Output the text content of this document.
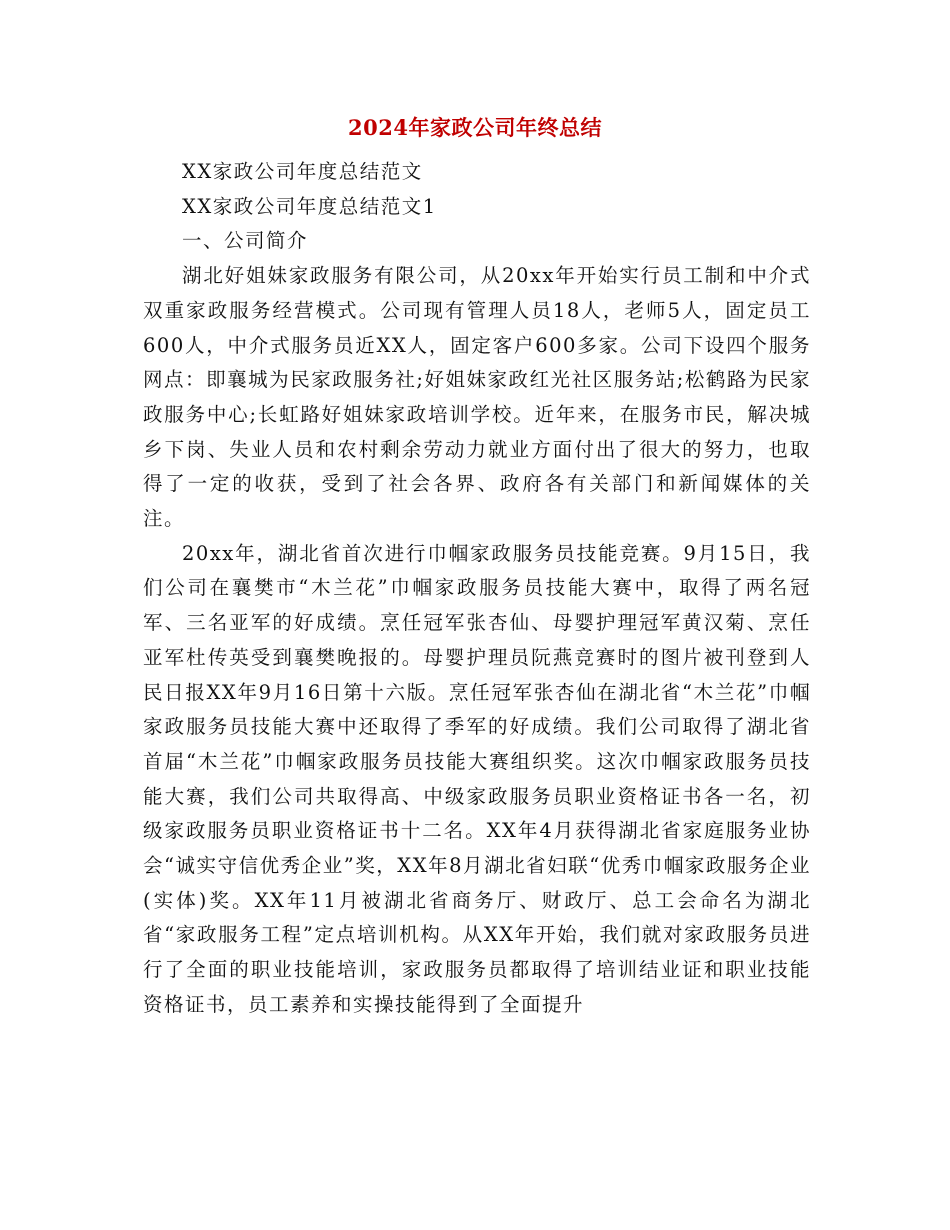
2024年家政公司年终总结

XX家政公司年度总结范文

XX家政公司年度总结范文1

一、公司简介

湖北好姐妹家政服务有限公司，从20xx年开始实行员工制和中介式双重家政服务经营模式。公司现有管理人员18人，老师5人，固定员工600人，中介式服务员近XX人，固定客户600多家。公司下设四个服务网点：即襄城为民家政服务社;好姐妹家政红光社区服务站;松鹤路为民家政服务中心;长虹路好姐妹家政培训学校。近年来，在服务市民，解决城乡下岗、失业人员和农村剩余劳动力就业方面付出了很大的努力，也取得了一定的收获，受到了社会各界、政府各有关部门和新闻媒体的关注。

20xx年，湖北省首次进行巾帼家政服务员技能竞赛。9月15日，我们公司在襄樊市“木兰花”巾帼家政服务员技能大赛中，取得了两名冠军、三名亚军的好成绩。烹任冠军张杏仙、母婴护理冠军黄汉菊、烹任亚军杜传英受到襄樊晚报的。母婴护理员阮燕竞赛时的图片被刊登到人民日报XX年9月16日第十六版。烹任冠军张杏仙在湖北省“木兰花”巾帼家政服务员技能大赛中还取得了季军的好成绩。我们公司取得了湖北省首届“木兰花”巾帼家政服务员技能大赛组织奖。这次巾帼家政服务员技能大赛，我们公司共取得高、中级家政服务员职业资格证书各一名，初级家政服务员职业资格证书十二名。XX年4月获得湖北省家庭服务业协会“诚实守信优秀企业”奖，XX年8月湖北省妇联“优秀巾帼家政服务企业(实体)奖。XX年11月被湖北省商务厅、财政厅、总工会命名为湖北省“家政服务工程”定点培训机构。从XX年开始，我们就对家政服务员进行了全面的职业技能培训，家政服务员都取得了培训结业证和职业技能资格证书，员工素养和实操技能得到了全面提升
